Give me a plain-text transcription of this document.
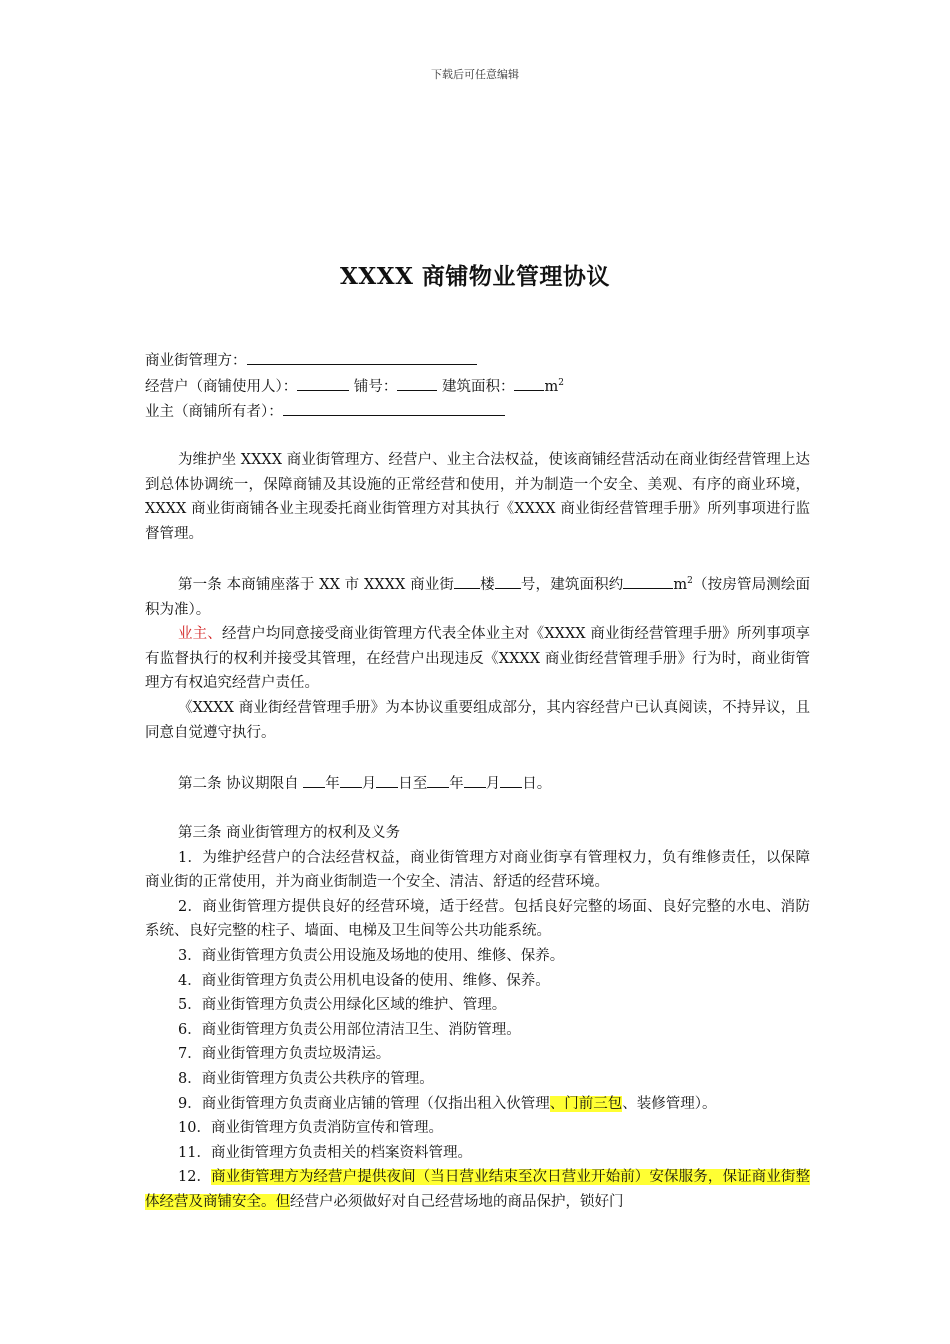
下载后可任意编辑
XXXX 商铺物业管理协议
商业街管理方：
经营户（商铺使用人）：	铺号：	建筑面积： $m^2$
业主（商铺所有者）：

为维护坐 XXXX 商业街管理方、经营户、业主合法权益，使该商铺经营活动在商业街经营管理上达到总体协调统一，保障商铺及其设施的正常经营和使用，并为制造一个安全、美观、有序的商业环境，XXXX 商业街商铺各业主现委托商业街管理方对其执行《XXXX 商业街经营管理手册》所列事项进行监督管理。

第一条 本商铺座落于 XX 市 XXXX 商业街 楼 号，建筑面积约	$m^2$（按房管局测绘面积为准）。

业主、经营户均同意接受商业街管理方代表全体业主对《XXXX 商业街经营管理手册》所列事项享有监督执行的权利并接受其管理，在经营户出现违反《XXXX 商业街经营管理手册》行为时，商业街管理方有权追究经营户责任。

《XXXX 商业街经营管理手册》为本协议重要组成部分，其内容经营户已认真阅读，不持异议，且同意自觉遵守执行。

第二条 协议期限自 年 月 日至 年 月 日。

第三条 商业街管理方的权利及义务

1．为维护经营户的合法经营权益，商业街管理方对商业街享有管理权力，负有维修责任，以保障商业街的正常使用，并为商业街制造一个安全、清洁、舒适的经营环境。

2．商业街管理方提供良好的经营环境，适于经营。包括良好完整的场面、良好完整的水电、消防系统、良好完整的柱子、墙面、电梯及卫生间等公共功能系统。

3．商业街管理方负责公用设施及场地的使用、维修、保养。

4．商业街管理方负责公用机电设备的使用、维修、保养。

5．商业街管理方负责公用绿化区域的维护、管理。

6．商业街管理方负责公用部位清洁卫生、消防管理。

7．商业街管理方负责垃圾清运。

8．商业街管理方负责公共秩序的管理。

9．商业街管理方负责商业店铺的管理（仅指出租入伙管理、门前三包、装修管理）。

10．商业街管理方负责消防宣传和管理。

11．商业街管理方负责相关的档案资料管理。

12．商业街管理方为经营户提供夜间（当日营业结束至次日营业开始前）安保服务，保证商业街整体经营及商铺安全。但经营户必须做好对自己经营场地的商品保护，锁好门
